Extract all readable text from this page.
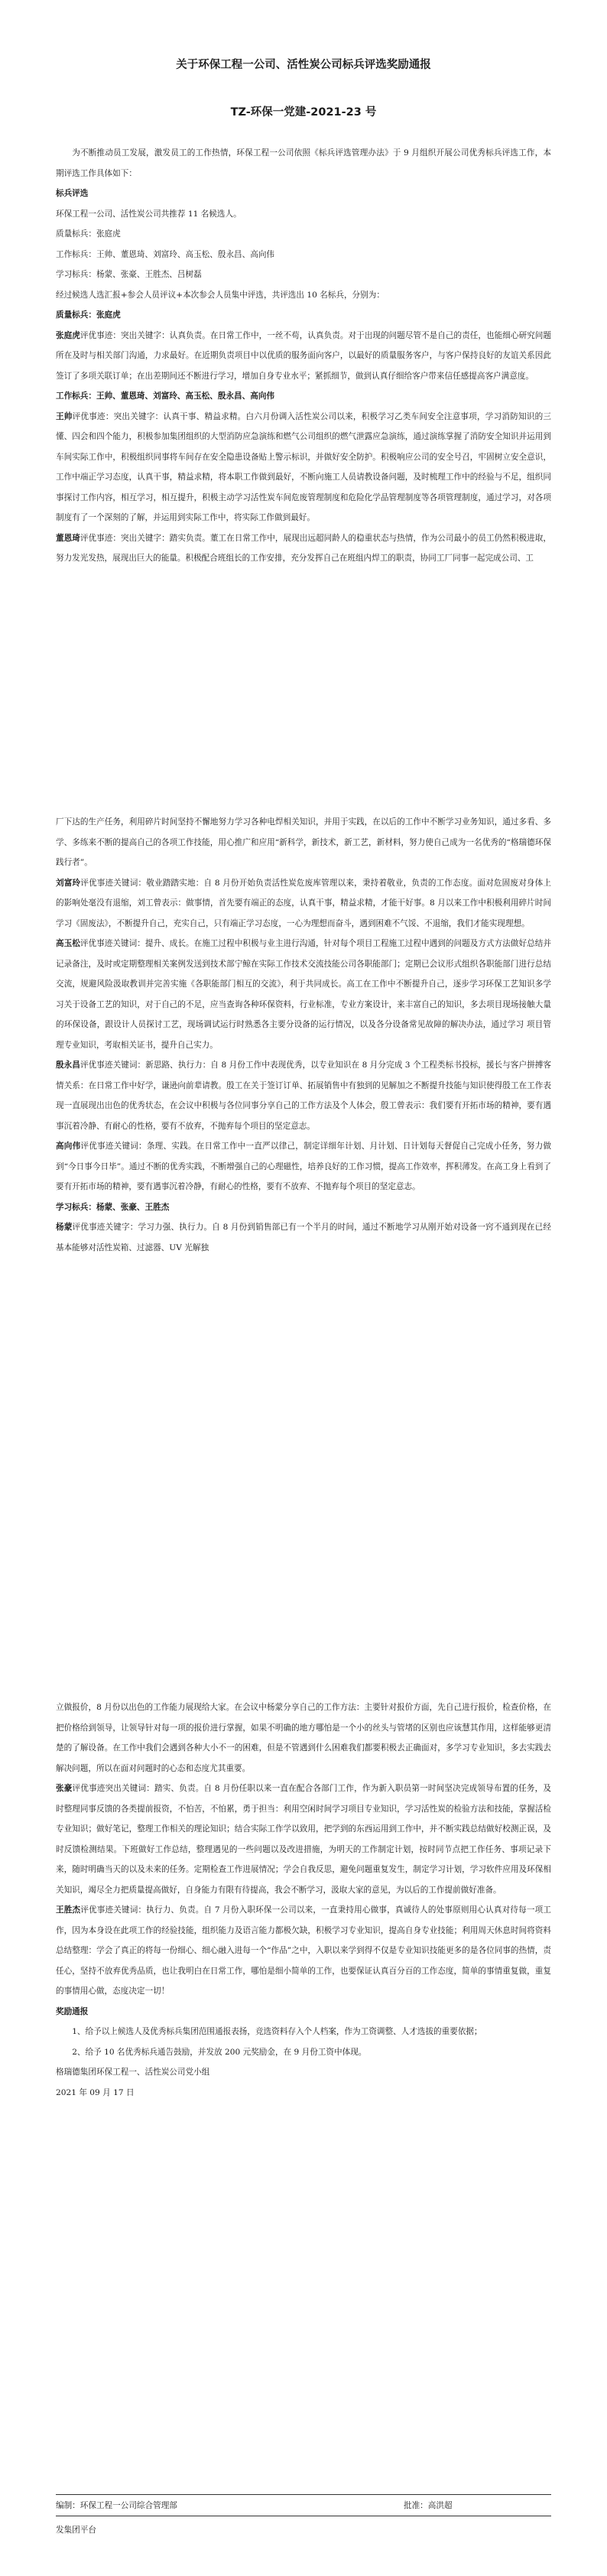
关于环保工程一公司、活性炭公司标兵评选奖励通报
TZ-环保一党建-2021-23 号

为不断推动员工发展，激发员工的工作热情，环保工程一公司依照《标兵评选管理办法》于 9 月组织开展公司优秀标兵评选工作，本期评选工作具体如下：

标兵评选

环保工程一公司、活性炭公司共推荐 11 名候选人。

质量标兵：张庭虎

工作标兵：王帅、董恩琦、刘富玲、高玉松、殷永昌、高向伟

学习标兵：杨蒙、张豪、王胜杰、吕树磊

经过候选人选汇报+参会人员评议+本次参会人员集中评选，共评选出 10 名标兵，分别为：

质量标兵：张庭虎

张庭虎评优事迹：突出关键字：认真负责。在日常工作中，一丝不苟，认真负责。对于出现的问题尽管不是自己的责任，也能细心研究问题所在及时与相关部门沟通，力求最好。在近期负责项目中以优质的服务面向客户，以最好的质量服务客户，与客户保持良好的友谊关系因此签订了多项关联订单；在出差期间还不断进行学习，增加自身专业水平；紧抓细节，做到认真仔细给客户带来信任感提高客户满意度。

工作标兵：王帅、董恩琦、刘富玲、高玉松、殷永昌、高向伟

王帅评优事迹：突出关键字：认真干事、精益求精。白六月份调入活性炭公司以来，积极学习乙类车间安全注意事项，学习消防知识的三懂、四会和四个能力，积极参加集团组织的大型消防应急演练和燃气公司组织的燃气泄露应急演练，通过演练掌握了消防安全知识并运用到车间实际工作中，积极组织同事将车间存在安全隐患设备贴上警示标识，并做好安全防护。积极响应公司的安全号召，牢固树立安全意识，工作中端正学习态度，认真干事，精益求精，将本职工作做到最好，不断向施工人员请教设备问题，及时梳理工作中的经验与不足，组织同事探讨工作内容，相互学习，相互提升，积极主动学习活性炭车间危废管理制度和危险化学品管理制度等各项管理制度，通过学习，对各项制度有了一个深刻的了解，并运用到实际工作中，将实际工作做到最好。

董恩琦评优事迹：突出关键字：踏实负责。董工在日常工作中，展现出远超同龄人的稳重状态与热情，作为公司最小的员工仍然积极进取，努力发光发热，展现出巨大的能量。积极配合班组长的工作安排，充分发挥自己在班组内焊工的职责，协同工厂同事一起完成公司、工

厂下达的生产任务，利用碎片时间坚持不懈地努力学习各种电焊相关知识，并用于实践，在以后的工作中不断学习业务知识，通过多看、多学、多练来不断的提高自己的各项工作技能，用心推广和应用“新科学，新技术，新工艺，新材料，努力使自己成为一名优秀的“格瑞德环保践行者”。

刘富玲评优事迹关键词：敬业踏踏实地：自 8 月份开始负责活性炭危废库管理以来，秉持着敬业，负责的工作态度。面对危固废对身体上的影响处毫没有退缩，刘工曾表示：做事情，首先要有端正的态度，认真干事，精益求精，才能干好事。8 月以来工作中积极利用碎片时间学习《固废法》，不断提升自己，充实自己，只有端正学习态度，一心为理想而奋斗，遇到困难不气馁、不退缩，我们才能实现理想。

高玉松评优事迹关键词：提升、成长。在施工过程中积极与业主进行沟通，针对每个项目工程施工过程中遇到的问题及方式方法做好总结并记录备注，及时或定期整理相关案例发送到技术部宁鲸在实际工作技术交流技能公司各职能部门；定期已会议形式组织各职能部门进行总结交流，规避风险汲取教训并完善实施《各职能部门相互的交流》，利于共同成长。高工在工作中不断提升自己，逐步学习环保工艺知识多学习关于设备工艺的知识，对于自己的不足，应当查询各种环保资料，行业标准，专业方案设计，来丰富自己的知识，多去项目现场接触大量的环保设备，跟设计人员探讨工艺，现场调试运行时熟悉各主要分设备的运行情况，以及各分设备常见故障的解决办法，通过学习 项目管理专业知识，考取相关证书，提升自己实力。

殷永昌评优事迹关键词：新思路、执行力：自 8 月份工作中表现优秀，以专业知识在 8 月分完成 3 个工程类标书投标，援长与客户拼搏客情关系：在日常工作中好学，谦逊向前辈请教。殷工在关于签订订单、拓展销售中有独到的见解加之不断提升技能与知识使得殷工在工作表现一直展现出出色的优秀状态，在会议中积极与各位同事分享自己的工作方法及个人体会，殷工曾表示：我们要有开拓市场的精神，要有遇事沉着冷静、有耐心的性格，要有不放弃，不抛弃每个项目的坚定意志。

高向伟评优事迹关键词：条理、实践。在日常工作中一直严以律己，制定详细年计划、月计划、日计划每天督促自己完成小任务，努力做到“今日事今日毕”。通过不断的优秀实践，不断增强自己的心理磁性，培养良好的工作习惯，提高工作效率，挥积薄发。在高工身上看到了要有开拓市场的精神，要有遇事沉着冷静，有耐心的性格，要有不放弃、不抛弃每个项目的坚定意志。

学习标兵：杨蒙、张豪、王胜杰

杨蒙评优事迹关键字：学习力强、执行力。自 8 月份到销售部已有一个半月的时间，通过不断地学习从刚开始对设备一窍不通到现在已经基本能够对活性炭箱、过滤器、UV 光解独

立做报价，8 月份以出色的工作能力展现给大家。在会议中杨蒙分享自己的工作方法：主要针对报价方面，先自己进行报价，检查价格，在把价格给到领导，让领导针对每一项的报价进行掌握，如果不明确的地方哪怕是一个小的丝头与管堵的区别也应该慧其作用，这样能够更清楚的了解设备。在工作中我们会遇到各种大小不一的困难，但是不管遇到什么困难我们都要积极去正确面对，多学习专业知识，多去实践去解决问题，所以在面对问题时的心态和态度尤其重要。

张豪评优事迹突出关键词：踏实、负责。自 8 月份任职以来一直在配合各部门工作，作为新入职员第一时间坚决完成领导布置的任务，及时整理同事反馈的各类提前报资，不怕苦，不怕累，勇于担当：利用空闲时间学习项目专业知识，学习活性炭的检验方法和技能，掌握活检专业知识；做好笔记，整理工作相关的理论知识；结合实际工作学以致用，把学到的东西运用到工作中，并不断实践总结做好校测正误，及时反馈检测结果。下班做好工作总结，整理遇见的一些问题以及改进措施，为明天的工作制定计划，按时同节点把工作任务、事项记录下来，随时明确当天的以及未来的任务。定期检查工作进展情况；学会自我反思，避免问题重复发生，制定学习计划，学习软件应用及环保相关知识，竭尽全力把质量提高做好，自身能力有限有待提高，我会不断学习，汲取大家的意见，为以后的工作提前做好准备。

王胜杰评优事迹关键词：执行力、负责。自 7 月份入职环保一公司以来，一直秉持用心做事，真诚待人的处事原则用心认真对待每一项工作，因为本身设在此项工作的经验技能，组织能力及语言能力都极欠缺，积极学习专业知识，提高自身专业技能；利用周天休息时间将资料总结整理：学会了真正的将每一份细心、细心融入进每一个“作品”之中，入职以来学到得不仅是专业知识技能更多的是各位同事的热情，责任心，坚持不放弃优秀品质，也让我明白在日常工作，哪怕是细小简单的工作，也要保证认真百分百的工作态度，简单的事情重复做，重复的事情用心做，态度决定一切！

奖励通报

1、给予以上候选人及优秀标兵集团范围通报表扬，竞选资料存入个人档案，作为工资调整、人才选拔的重要依据；

2、给予 10 名优秀标兵通告鼓励，并发放 200 元奖励金，在 9 月份工资中体现。

格瑞德集团环保工程一、活性炭公司党小组

2021 年 09 月 17 日

编制：环保工程一公司综合管理部	批准：高洪超
发集团平台
